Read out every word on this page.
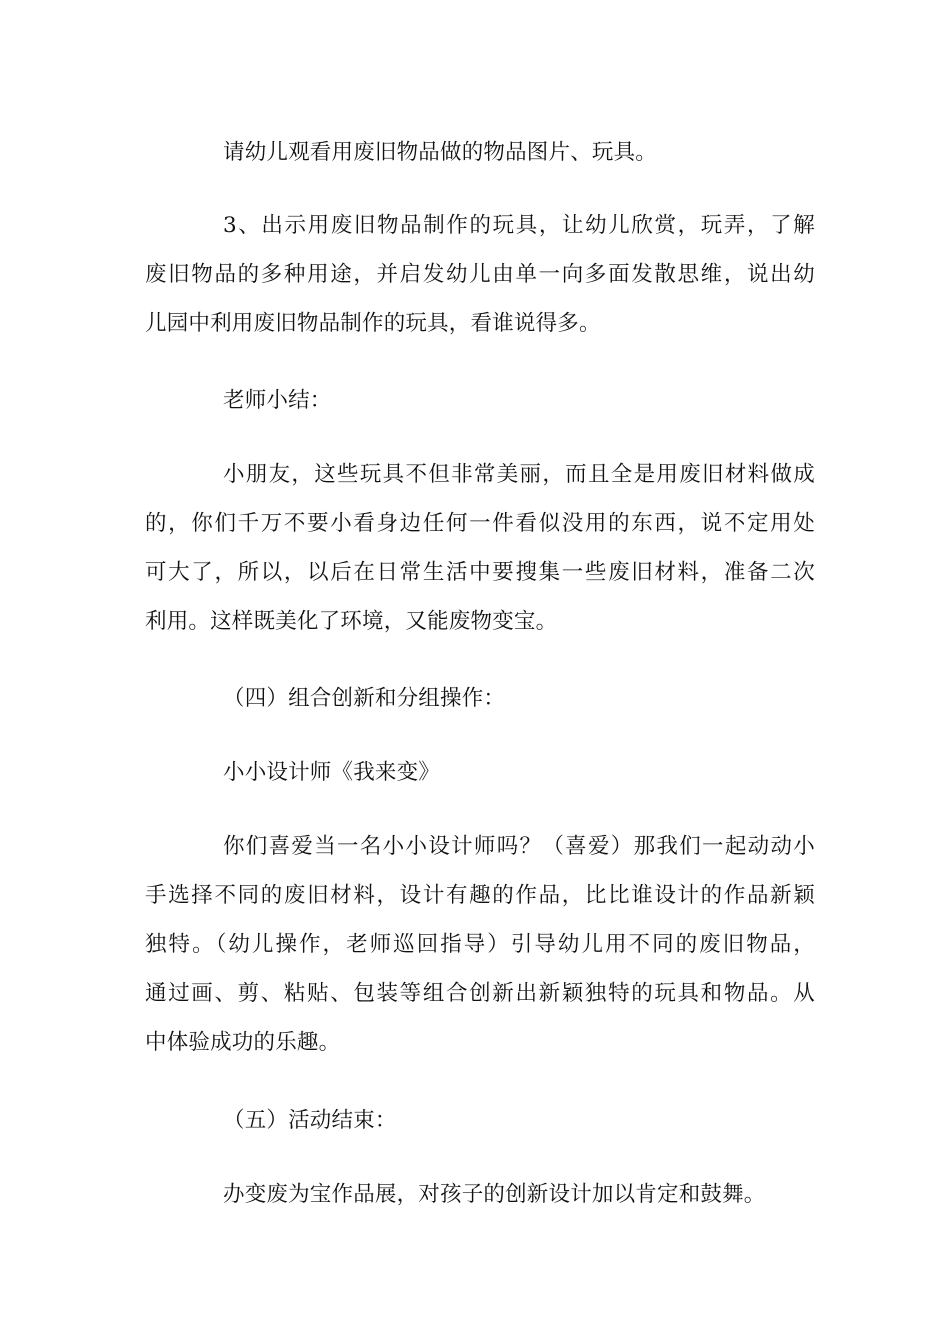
请幼儿观看用废旧物品做的物品图片、玩具。

3、出示用废旧物品制作的玩具，让幼儿欣赏，玩弄，了解
废旧物品的多种用途，并启发幼儿由单一向多面发散思维，说出幼
儿园中利用废旧物品制作的玩具，看谁说得多。

老师小结：

小朋友，这些玩具不但非常美丽，而且全是用废旧材料做成
的，你们千万不要小看身边任何一件看似没用的东西，说不定用处
可大了，所以，以后在日常生活中要搜集一些废旧材料，准备二次
利用。这样既美化了环境，又能废物变宝。

（四）组合创新和分组操作：

小小设计师《我来变》

你们喜爱当一名小小设计师吗？（喜爱）那我们一起动动小
手选择不同的废旧材料，设计有趣的作品，比比谁设计的作品新颖
独特。（幼儿操作，老师巡回指导）引导幼儿用不同的废旧物品，
通过画、剪、粘贴、包装等组合创新出新颖独特的玩具和物品。从
中体验成功的乐趣。

（五）活动结束：

办变废为宝作品展，对孩子的创新设计加以肯定和鼓舞。
